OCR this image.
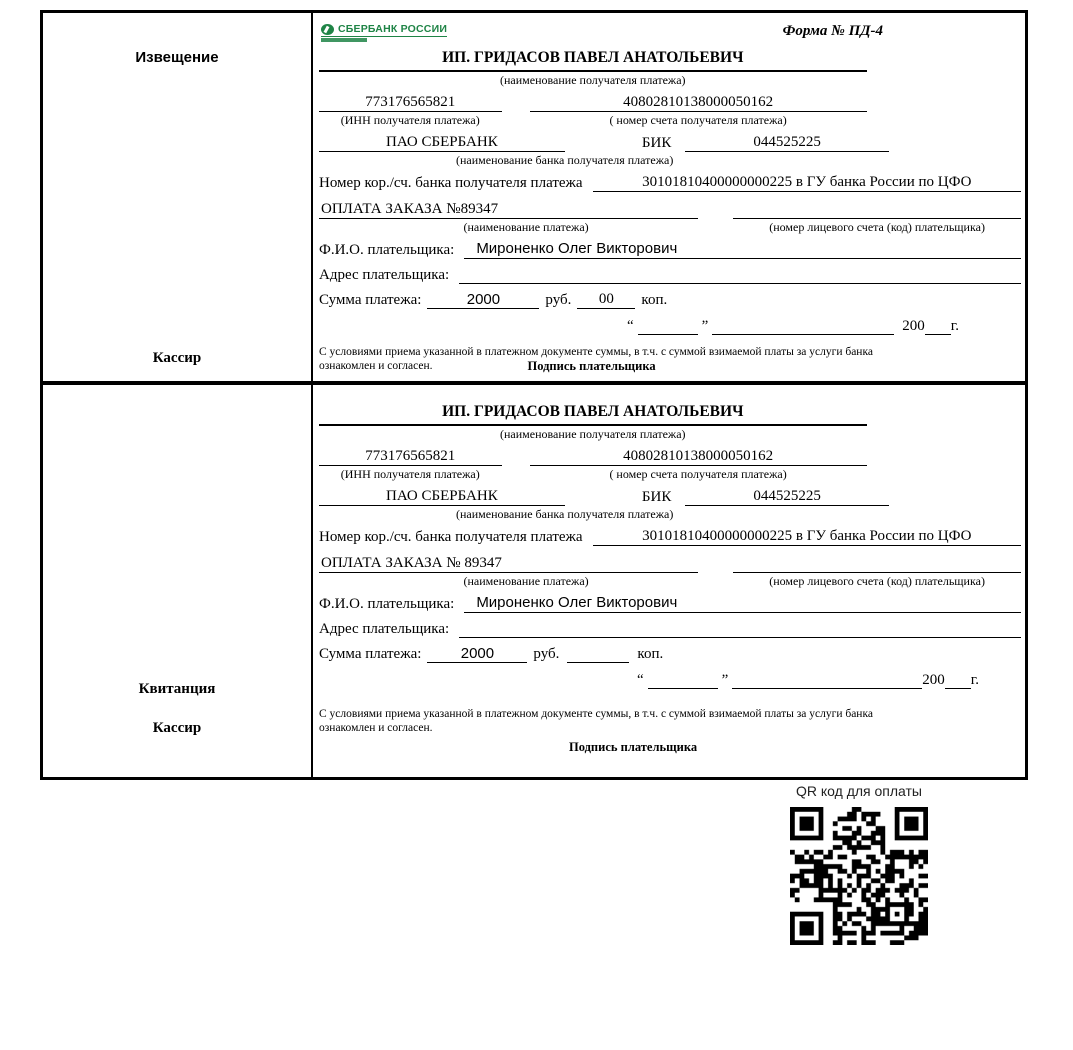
Извещение
Кассир
СБЕРБАНК РОССИИ	Форма № ПД-4
ИП. ГРИДАСОВ ПАВЕЛ АНАТОЛЬЕВИЧ
(наименование получателя платежа)
773176565821	40802810138000050162
(ИНН получателя платежа)	( номер счета получателя платежа)
ПАО СБЕРБАНК	БИК	044525225
(наименование банка получателя платежа)
Номер кор./сч. банка получателя платежа	30101810400000000225 в ГУ банка России по ЦФО
ОПЛАТА ЗАКАЗА №89347
(наименование платежа)	(номер лицевого счета (код) плательщика)
Ф.И.О. плательщика:	Мироненко Олег Викторович
Адрес плательщика:
Сумма платежа:	2000	руб.	00	коп.
“	”	200 г.
С условиями приема указанной в платежном документе суммы, в т.ч. с суммой взимаемой платы за услуги банка
ознакомлен и согласен.	Подпись плательщика
Квитанция
Кассир
ИП. ГРИДАСОВ ПАВЕЛ АНАТОЛЬЕВИЧ
(наименование получателя платежа)
773176565821	40802810138000050162
(ИНН получателя платежа)	( номер счета получателя платежа)
ПАО СБЕРБАНК	БИК	044525225
(наименование банка получателя платежа)
Номер кор./сч. банка получателя платежа	30101810400000000225 в ГУ банка России по ЦФО
ОПЛАТА ЗАКАЗА № 89347
(наименование платежа)	(номер лицевого счета (код) плательщика)
Ф.И.О. плательщика:	Мироненко Олег Викторович
Адрес плательщика:
Сумма платежа:	2000	руб.	коп.
“	”	200 г.
С условиями приема указанной в платежном документе суммы, в т.ч. с суммой взимаемой платы за услуги банка
ознакомлен и согласен.
Подпись плательщика
QR код для оплаты
